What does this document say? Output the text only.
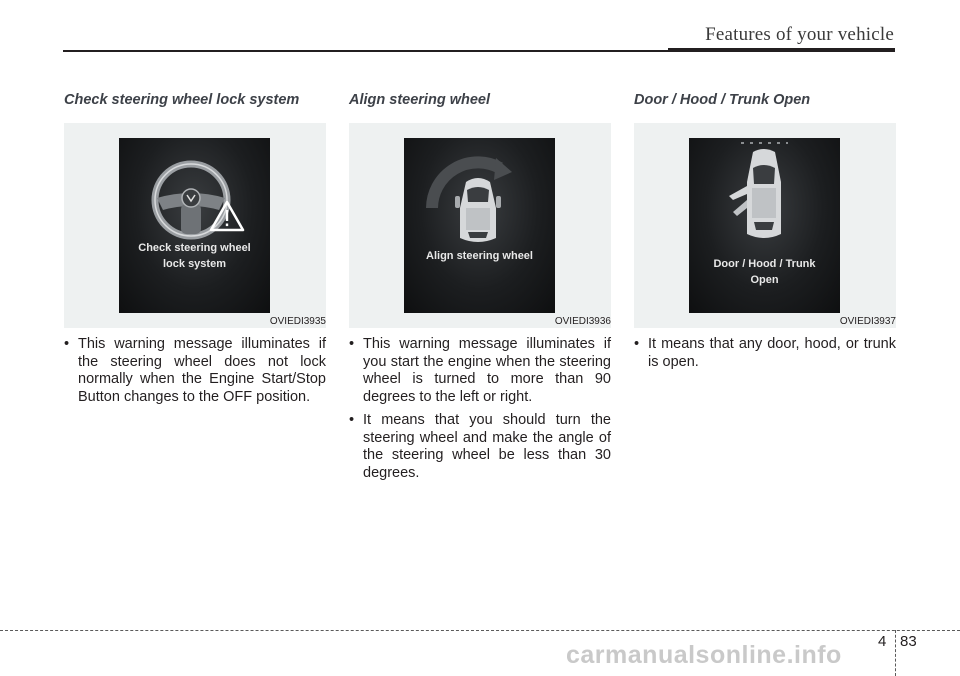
Features of your vehicle
Check steering wheel lock system
Check steering wheel
lock system
OVIEDI3935
• This warning message illuminates if the steering wheel does not lock normally when the Engine Start/Stop Button changes to the OFF position.
Align steering wheel
Align steering wheel
OVIEDI3936
• This warning message illuminates if you start the engine when the steering wheel is turned to more than 90 degrees to the left or right.
• It means that you should turn the steering wheel and make the angle of the steering wheel be less than 30 degrees.
Door / Hood / Trunk Open
Door / Hood / Trunk
Open
OVIEDI3937
• It means that any door, hood, or trunk is open.
4 83
carmanualsonline.info
